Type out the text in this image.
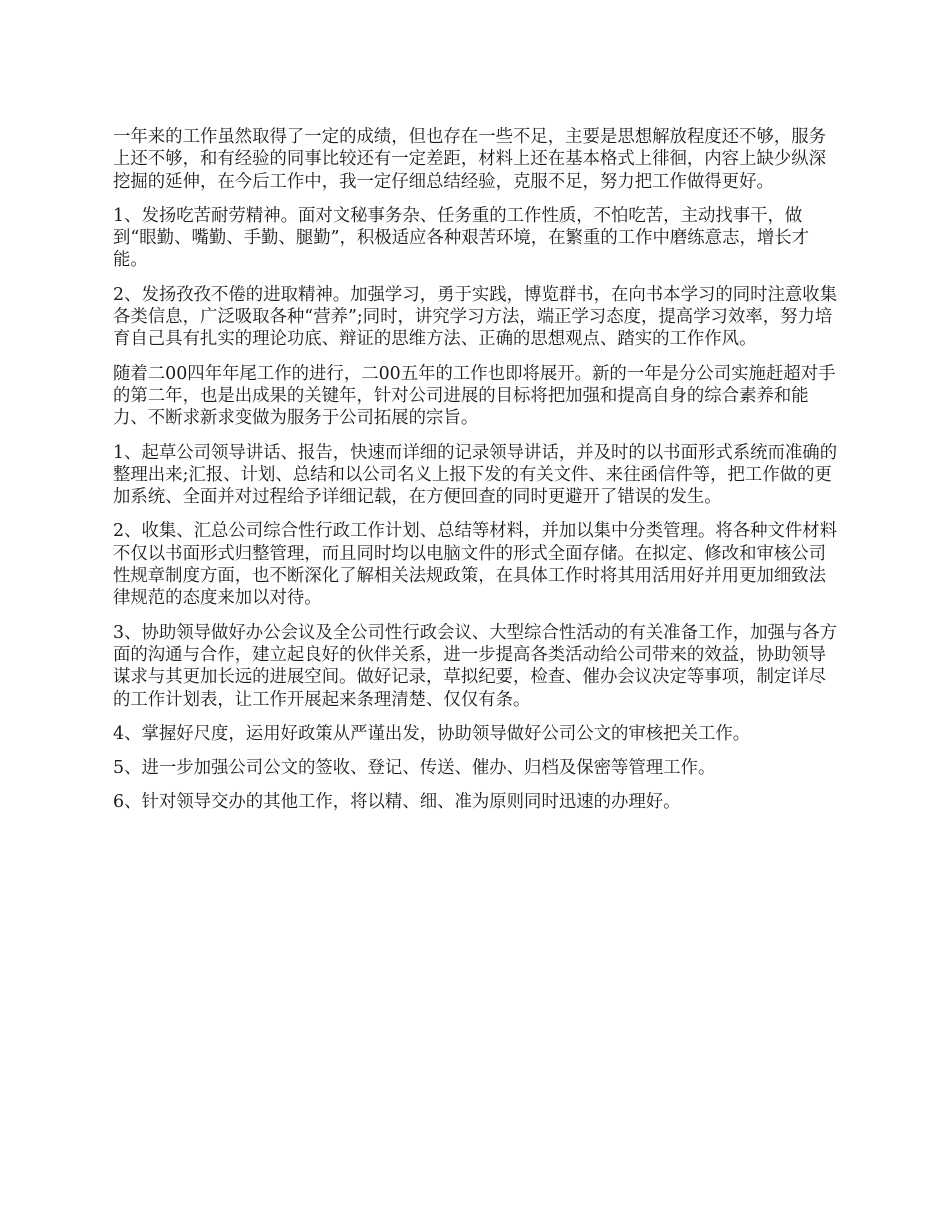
一年来的工作虽然取得了一定的成绩，但也存在一些不足，主要是思想解放程度还不够，服务上还不够，和有经验的同事比较还有一定差距，材料上还在基本格式上徘徊，内容上缺少纵深挖掘的延伸，在今后工作中，我一定仔细总结经验，克服不足，努力把工作做得更好。

1、发扬吃苦耐劳精神。面对文秘事务杂、任务重的工作性质，不怕吃苦，主动找事干，做到“眼勤、嘴勤、手勤、腿勤”，积极适应各种艰苦环境，在繁重的工作中磨练意志，增长才能。

2、发扬孜孜不倦的进取精神。加强学习，勇于实践，博览群书，在向书本学习的同时注意收集各类信息，广泛吸取各种“营养”;同时，讲究学习方法，端正学习态度，提高学习效率，努力培育自己具有扎实的理论功底、辩证的思维方法、正确的思想观点、踏实的工作作风。

随着二00四年年尾工作的进行，二00五年的工作也即将展开。新的一年是分公司实施赶超对手的第二年，也是出成果的关键年，针对公司进展的目标将把加强和提高自身的综合素养和能力、不断求新求变做为服务于公司拓展的宗旨。

1、起草公司领导讲话、报告，快速而详细的记录领导讲话，并及时的以书面形式系统而准确的整理出来;汇报、计划、总结和以公司名义上报下发的有关文件、来往函信件等，把工作做的更加系统、全面并对过程给予详细记载，在方便回查的同时更避开了错误的发生。

2、收集、汇总公司综合性行政工作计划、总结等材料，并加以集中分类管理。将各种文件材料不仅以书面形式归整管理，而且同时均以电脑文件的形式全面存储。在拟定、修改和审核公司性规章制度方面，也不断深化了解相关法规政策，在具体工作时将其用活用好并用更加细致法律规范的态度来加以对待。

3、协助领导做好办公会议及全公司性行政会议、大型综合性活动的有关准备工作，加强与各方面的沟通与合作，建立起良好的伙伴关系，进一步提高各类活动给公司带来的效益，协助领导谋求与其更加长远的进展空间。做好记录，草拟纪要，检查、催办会议决定等事项，制定详尽的工作计划表，让工作开展起来条理清楚、仅仅有条。

4、掌握好尺度，运用好政策从严谨出发，协助领导做好公司公文的审核把关工作。

5、进一步加强公司公文的签收、登记、传送、催办、归档及保密等管理工作。

6、针对领导交办的其他工作，将以精、细、准为原则同时迅速的办理好。
